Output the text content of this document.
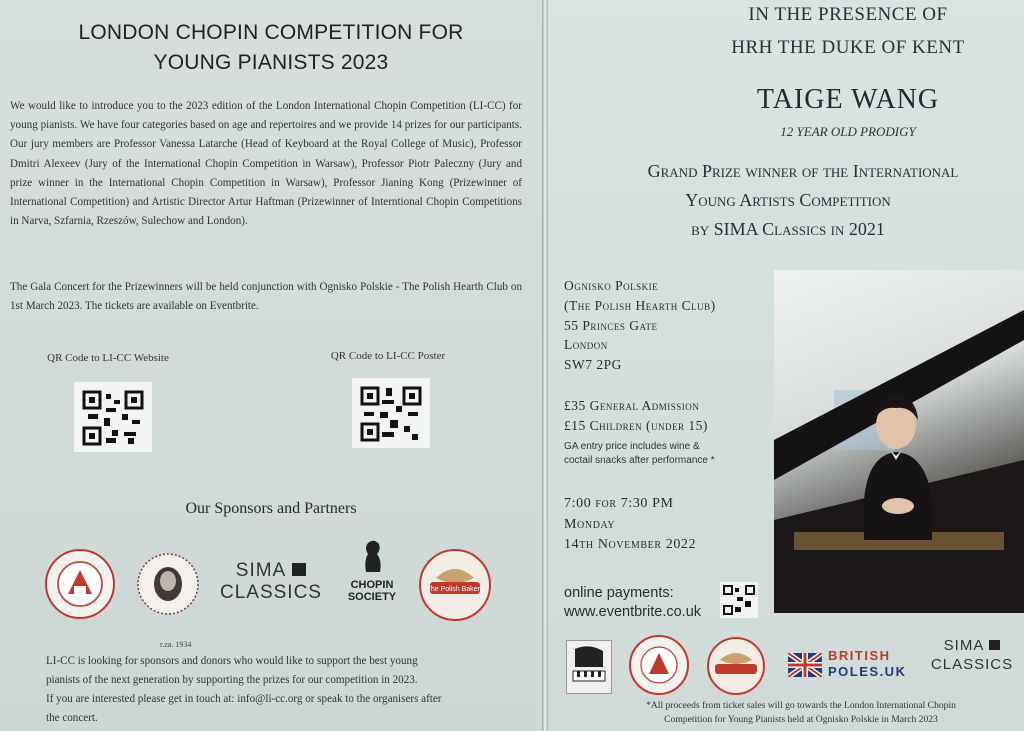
LONDON CHOPIN COMPETITION FOR
YOUNG PIANISTS 2023
We would like to introduce you to the 2023 edition of the London International Chopin Competition (LI-CC) for young pianists. We have four categories based on age and repertoires and we provide 14 prizes for our participants. Our jury members are Professor Vanessa Latarche (Head of Keyboard at the Royal College of Music), Professor Dmitri Alexeev (Jury of the International Chopin Competition in Warsaw), Professor Piotr Paleczny (Jury and prize winner in the International Chopin Competition in Warsaw), Professor Jianing Kong (Prizewinner of International Competition) and Artistic Director Artur Haftman (Prizewinner of Interntional Chopin Competitions in Narva, Szfarnia, Rzeszów, Sulechow and London).
The Gala Concert for the Prizewinners will be held conjunction with Ognisko Polskie - The Polish Hearth Club on 1st March 2023. The tickets are available on Eventbrite.
QR Code to LI-CC Website	QR Code to LI-CC Poster
Our Sponsors and Partners
r.za. 1934
SIMA
CLASSICS	CHOPIN
SOCIETY
The Polish Bakery
LI-CC is looking for sponsors and donors who would like to support the best young
pianists of the next generation by supporting the prizes for our competition in 2023.
If you are interested please get in touch at: info@li-cc.org or speak to the organisers after
the concert.
IN THE PRESENCE OF
HRH THE DUKE OF KENT
TAIGE WANG
12 YEAR OLD PRODIGY
Grand Prize winner of the International
Young Artists Competition
by SIMA Classics in 2021
Ognisko Polskie
(The Polish Hearth Club)
55 Princes Gate
London
SW7 2PG
£35 General Admission
£15 Children (under 15)
GA entry price includes wine &
coctail snacks after performance *
7:00 for 7:30 PM
Monday
14th November 2022
online payments:
www.eventbrite.co.uk
BRITISH
POLES.UK
SIMA
CLASSICS
*All proceeds from ticket sales will go towards the London International Chopin
Competition for Young Pianists held at Ognisko Polskie in March 2023
